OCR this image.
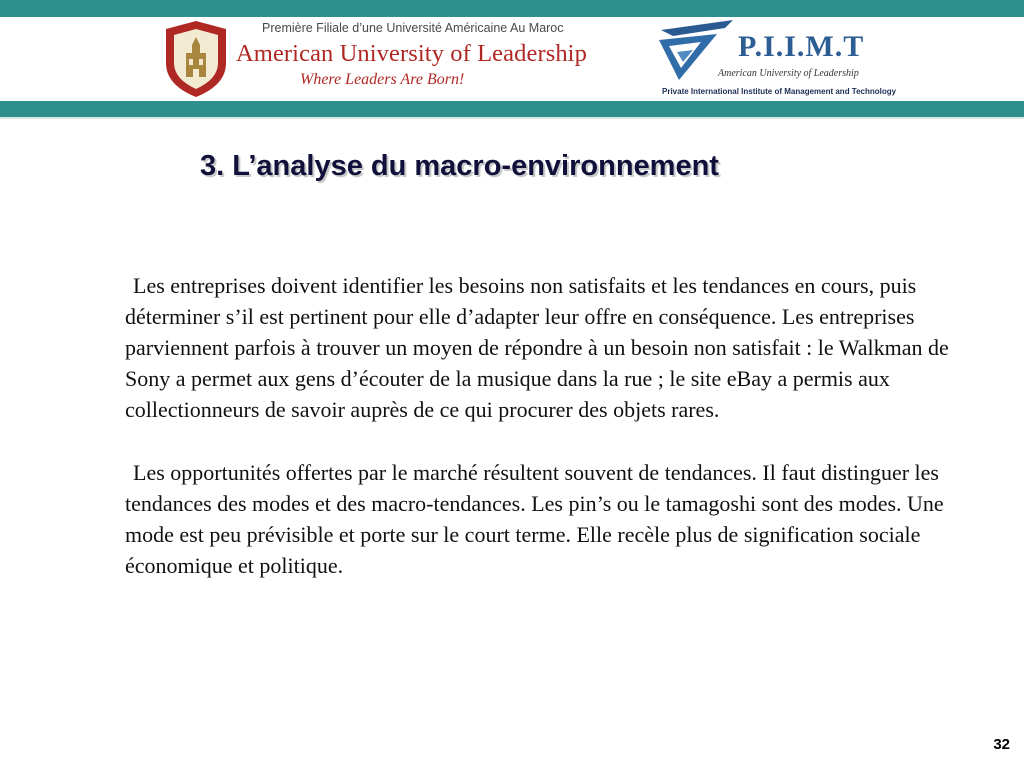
Première Filiale d’une Université Américaine Au Maroc
American University of Leadership
Where Leaders Are Born!
P.I.I.M.T
American University of Leadership
Private International Institute of Management and Technology
3. L’analyse du macro-environnement

Les entreprises doivent identifier les besoins non satisfaits et les tendances en cours, puis déterminer s’il est pertinent pour elle d’adapter leur offre en conséquence. Les entreprises parviennent parfois à trouver un moyen de répondre à un besoin non satisfait : le Walkman de Sony a permet aux gens d’écouter de la musique dans la rue ; le site eBay a permis aux collectionneurs de savoir auprès de ce qui procurer des objets rares.

Les opportunités offertes par le marché résultent souvent de tendances. Il faut distinguer les tendances des modes et des macro-tendances. Les pin’s ou le tamagoshi sont des modes. Une mode est peu prévisible et porte sur le court terme. Elle recèle plus de signification sociale économique et politique.

32
